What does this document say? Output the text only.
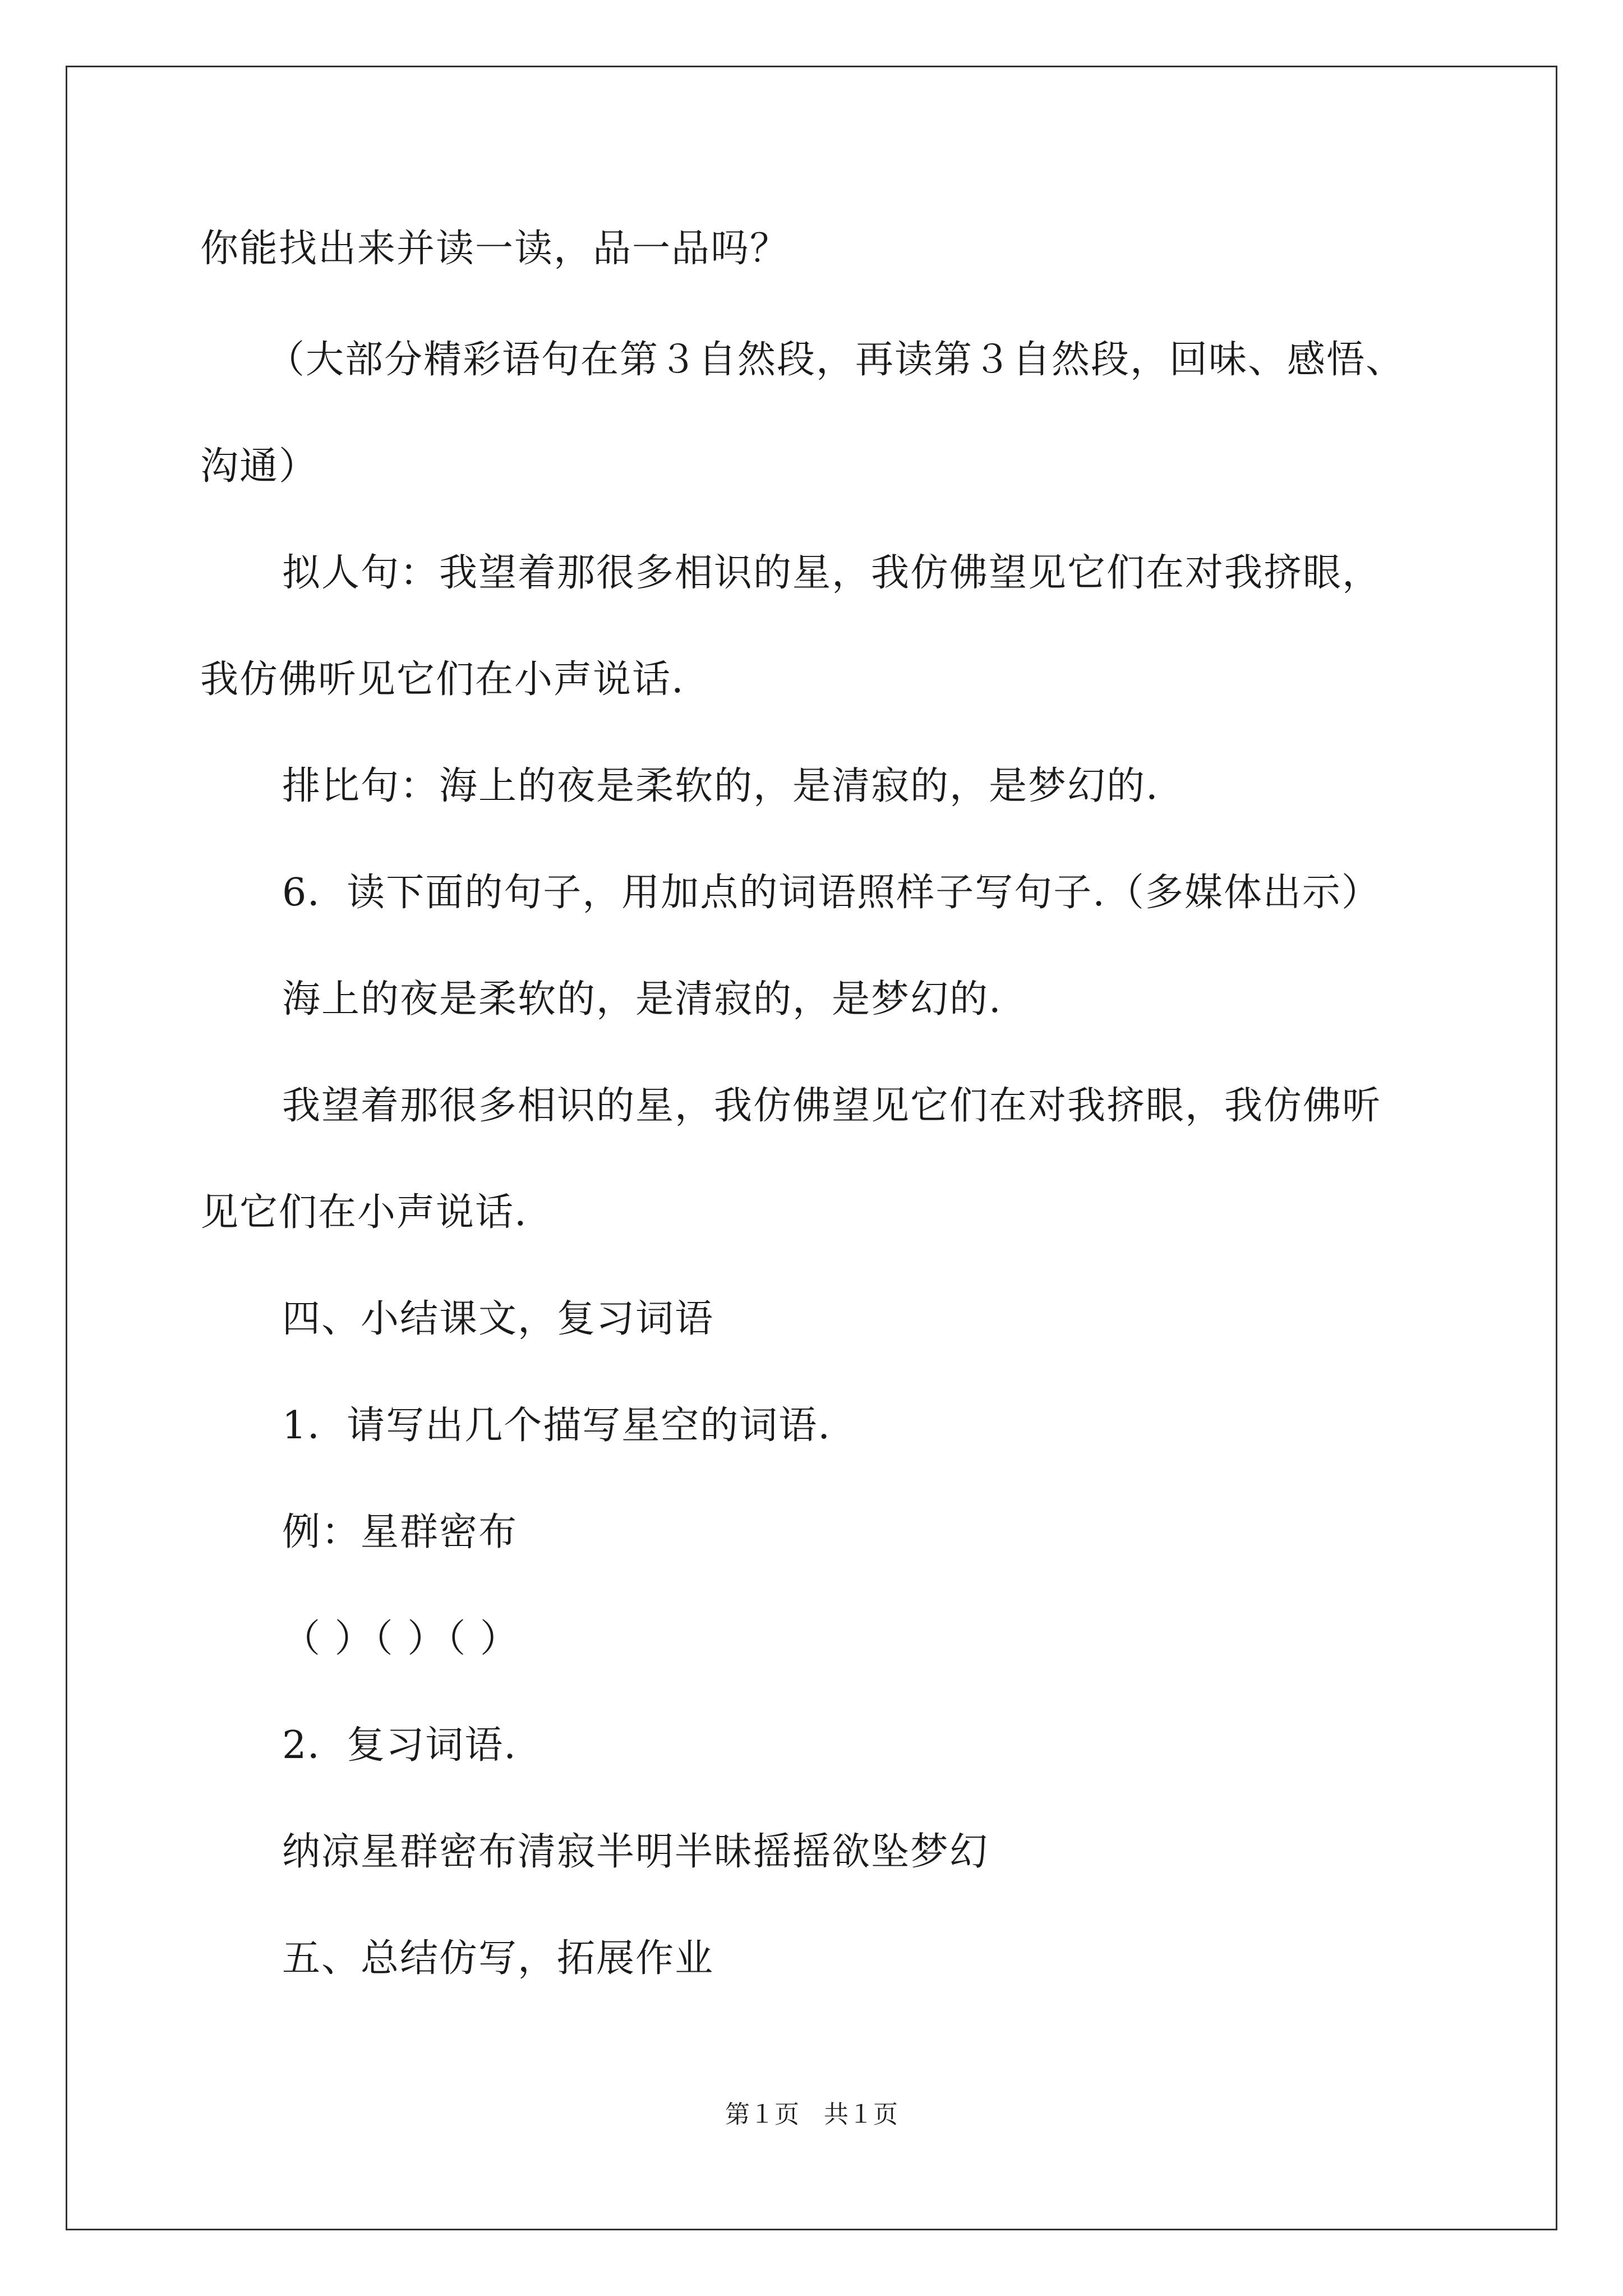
你能找出来并读一读，品一品吗？
（大部分精彩语句在第３自然段，再读第３自然段，回味、感悟、
沟通）
拟人句：我望着那很多相识的星，我仿佛望见它们在对我挤眼，
我仿佛听见它们在小声说话.
排比句：海上的夜是柔软的，是清寂的，是梦幻的.
6．读下面的句子，用加点的词语照样子写句子.（多媒体出示）
海上的夜是柔软的，是清寂的，是梦幻的.
我望着那很多相识的星，我仿佛望见它们在对我挤眼，我仿佛听
见它们在小声说话.
四、小结课文，复习词语
1．请写出几个描写星空的词语.
例：星群密布
（ ）（ ）（ ）
2．复习词语.
纳凉星群密布清寂半明半昧摇摇欲坠梦幻
五、总结仿写，拓展作业
第１页　共１页
